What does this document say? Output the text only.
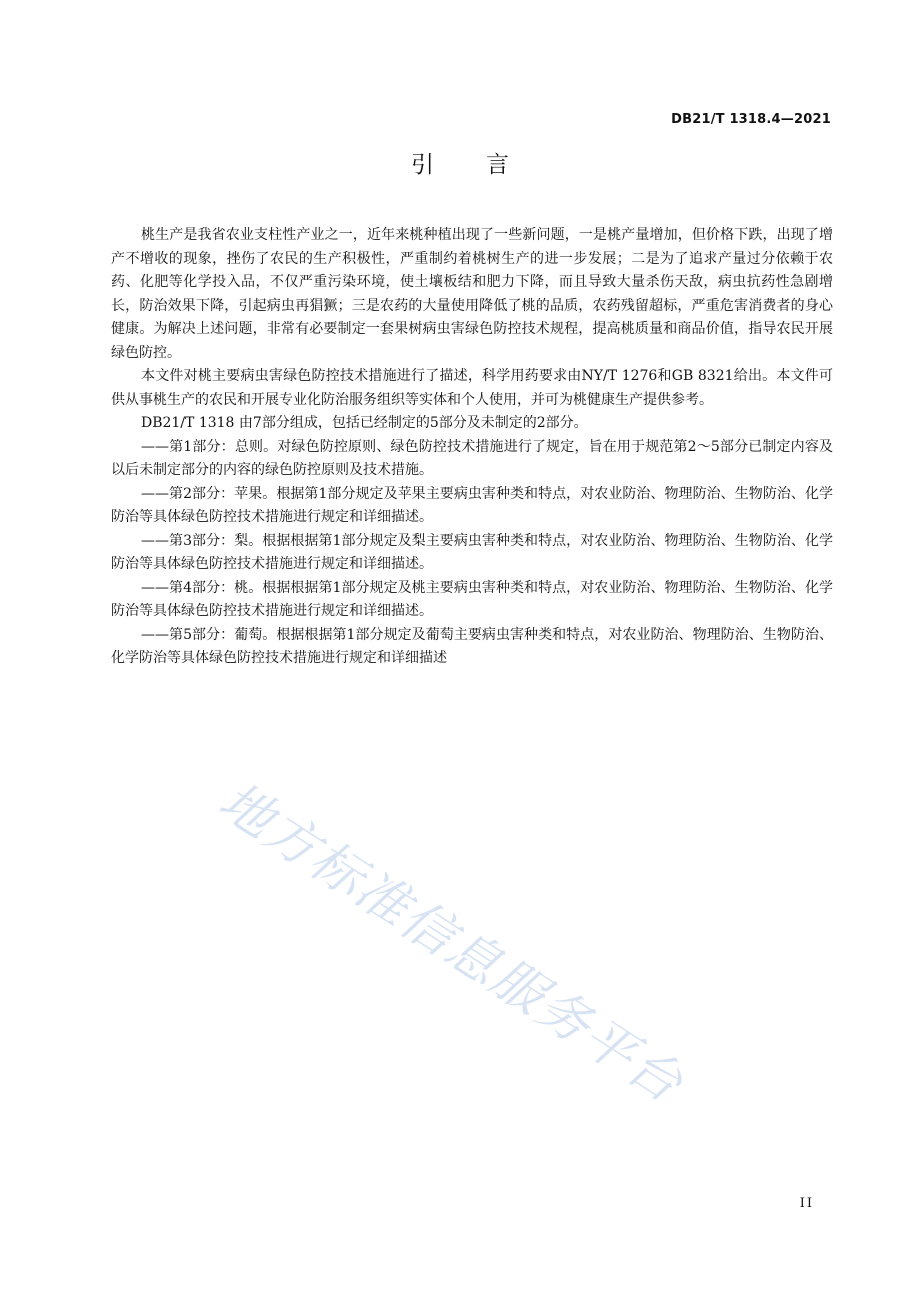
DB21/T 1318.4—2021
引言

桃生产是我省农业支柱性产业之一，近年来桃种植出现了一些新问题，一是桃产量增加，但价格下跌，出现了增产不增收的现象，挫伤了农民的生产积极性，严重制约着桃树生产的进一步发展；二是为了追求产量过分依赖于农药、化肥等化学投入品，不仅严重污染环境，使土壤板结和肥力下降，而且导致大量杀伤天敌，病虫抗药性急剧增长，防治效果下降，引起病虫再猖獗；三是农药的大量使用降低了桃的品质，农药残留超标，严重危害消费者的身心健康。为解决上述问题，非常有必要制定一套果树病虫害绿色防控技术规程，提高桃质量和商品价值，指导农民开展绿色防控。

本文件对桃主要病虫害绿色防控技术措施进行了描述，科学用药要求由NY/T 1276和GB 8321给出。本文件可供从事桃生产的农民和开展专业化防治服务组织等实体和个人使用，并可为桃健康生产提供参考。

DB21/T 1318 由7部分组成，包括已经制定的5部分及未制定的2部分。

——第1部分：总则。对绿色防控原则、绿色防控技术措施进行了规定，旨在用于规范第2～5部分已制定内容及以后未制定部分的内容的绿色防控原则及技术措施。

——第2部分：苹果。根据第1部分规定及苹果主要病虫害种类和特点，对农业防治、物理防治、生物防治、化学防治等具体绿色防控技术措施进行规定和详细描述。

——第3部分：梨。根据根据第1部分规定及梨主要病虫害种类和特点，对农业防治、物理防治、生物防治、化学防治等具体绿色防控技术措施进行规定和详细描述。

——第4部分：桃。根据根据第1部分规定及桃主要病虫害种类和特点，对农业防治、物理防治、生物防治、化学防治等具体绿色防控技术措施进行规定和详细描述。

——第5部分：葡萄。根据根据第1部分规定及葡萄主要病虫害种类和特点，对农业防治、物理防治、生物防治、化学防治等具体绿色防控技术措施进行规定和详细描述

地方标准信息服务平台
II
